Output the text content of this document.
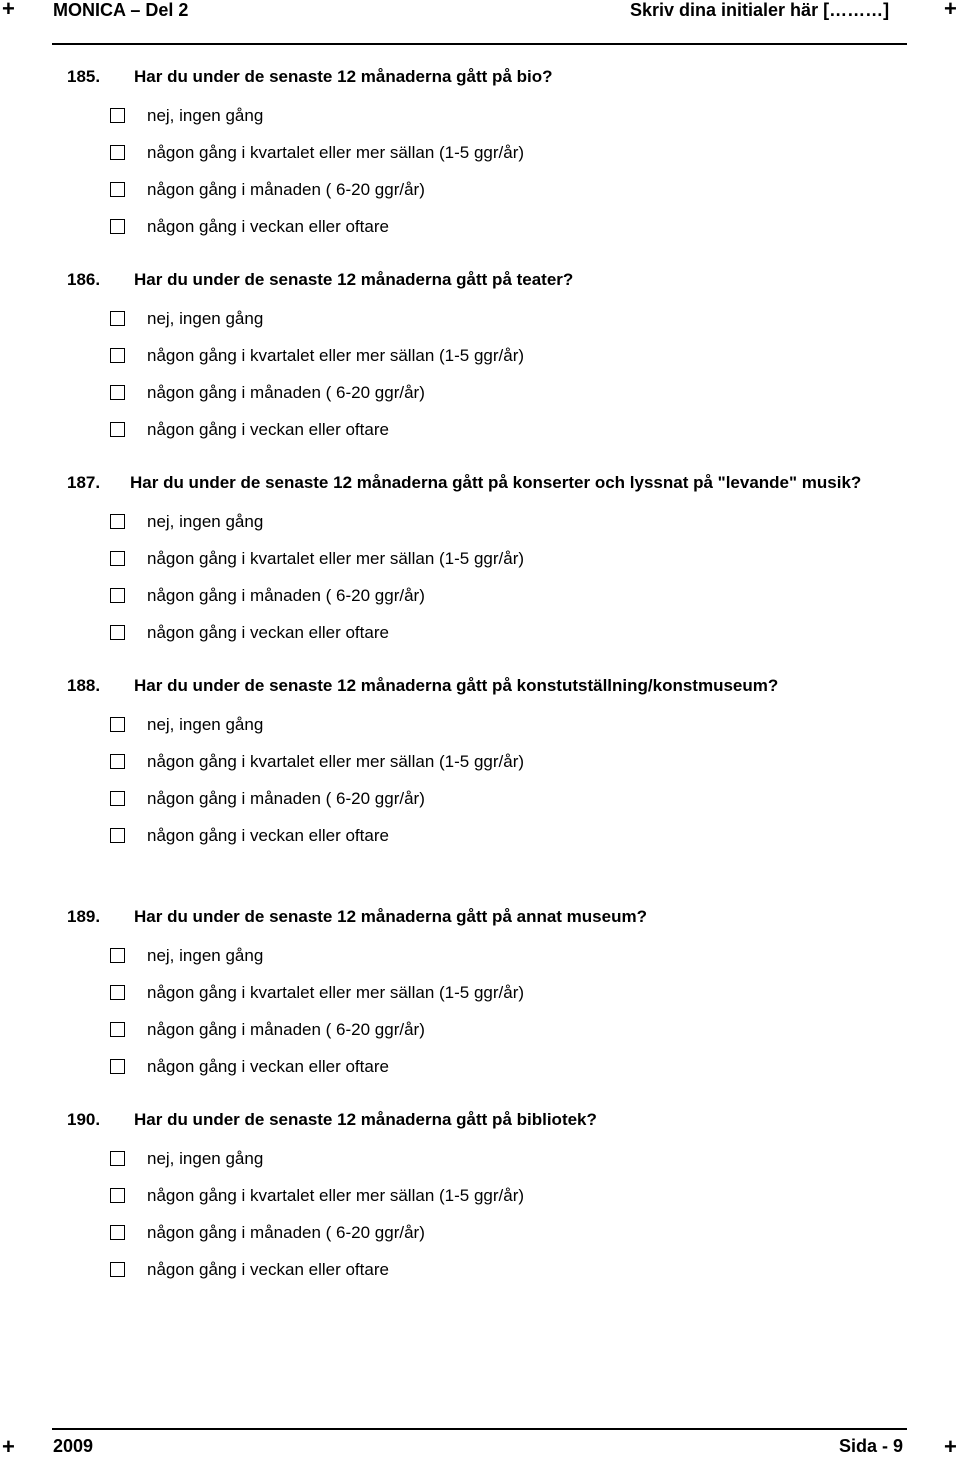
+ MONICA – Del 2	Skriv dina initialer här [………] +
185. Har du under de senaste 12 månaderna gått på bio?
nej, ingen gång
någon gång i kvartalet eller mer sällan (1-5 ggr/år)
någon gång i månaden ( 6-20 ggr/år)
någon gång i veckan eller oftare
186. Har du under de senaste 12 månaderna gått på teater?
nej, ingen gång
någon gång i kvartalet eller mer sällan (1-5 ggr/år)
någon gång i månaden ( 6-20 ggr/år)
någon gång i veckan eller oftare
187. Har du under de senaste 12 månaderna gått på konserter och lyssnat på "levande" musik?
nej, ingen gång
någon gång i kvartalet eller mer sällan (1-5 ggr/år)
någon gång i månaden ( 6-20 ggr/år)
någon gång i veckan eller oftare
188. Har du under de senaste 12 månaderna gått på konstutställning/konstmuseum?
nej, ingen gång
någon gång i kvartalet eller mer sällan (1-5 ggr/år)
någon gång i månaden ( 6-20 ggr/år)
någon gång i veckan eller oftare
189. Har du under de senaste 12 månaderna gått på annat museum?
nej, ingen gång
någon gång i kvartalet eller mer sällan (1-5 ggr/år)
någon gång i månaden ( 6-20 ggr/år)
någon gång i veckan eller oftare
190. Har du under de senaste 12 månaderna gått på bibliotek?
nej, ingen gång
någon gång i kvartalet eller mer sällan (1-5 ggr/år)
någon gång i månaden ( 6-20 ggr/år)
någon gång i veckan eller oftare
+ 2009	Sida - 9 +
